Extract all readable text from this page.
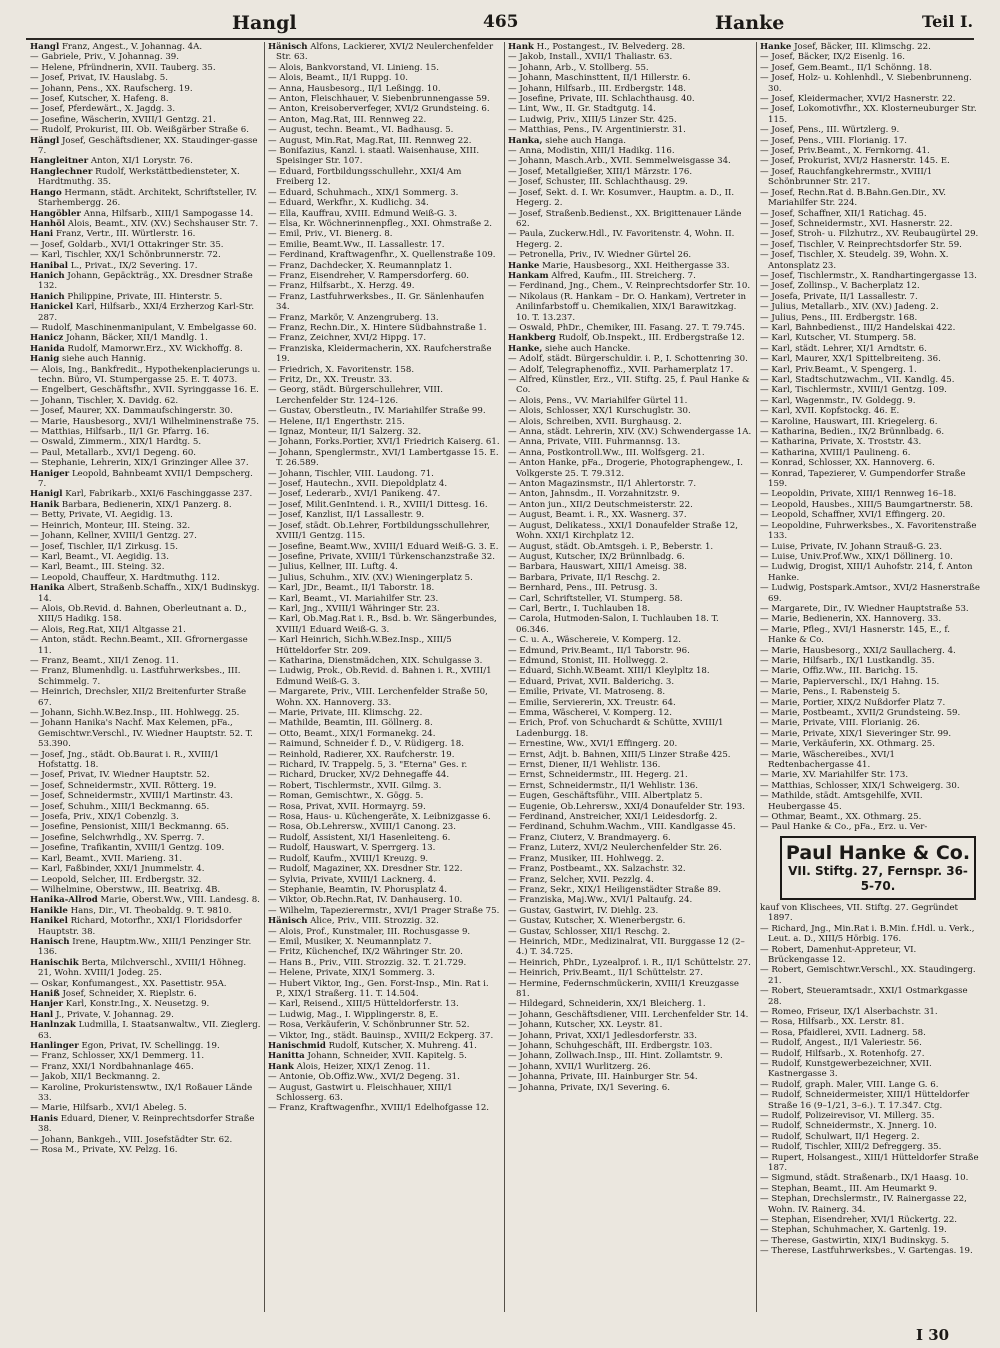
Hangl	465	Hanke	Teil I.

Hangl Franz, Angest., V. Johannag. 4A.

— Gabriele, Priv., V. Johannag. 39.

— Helene, Pfründnerin, XVII. Tauberg. 35.

— Josef, Privat, IV. Hauslabg. 5.

— Johann, Pens., XX. Raufscherg. 19.

— Josef, Kutscher, X. Hafeng. 8.

— Josef, Pferdewärt., X. Jagdg. 3.

— Josefine, Wäscherin, XVIII/1 Gentzg. 21.

— Rudolf, Prokurist, III. Ob. Weißgärber Straße 6.

Hängl Josef, Geschäftsdiener, XX. Staudinger-gasse 7.

Hangleitner Anton, XI/1 Lorystr. 76.

Hanglechner Rudolf, Werkstättbediensteter, X. Hardtmuthg. 35.

Hango Hermann, städt. Architekt, Schriftsteller, IV. Starhembergg. 26.

Hangöbler Anna, Hilfsarb., XIII/1 Sampogasse 14.

Hanhöl Alois, Beamt., XIV. (XV.) Sechshauser Str. 7.

Hani Franz, Vertr., III. Würtlerstr. 16.

— Josef, Goldarb., XVI/1 Ottakringer Str. 35.

— Karl, Tischler, XX/1 Schönbrunnerstr. 72.

Hanibal L., Privat., IX/2 Severing. 17.

Hanich Johann, Gepäckträg., XX. Dresdner Straße 132.

Hanich Philippine, Private, III. Hinterstr. 5.

Hanickel Karl, Hilfsarb., XXI/4 Erzherzog Karl-Str. 287.

— Rudolf, Maschinenmanipulant, V. Embelgasse 60.

Hanicz Johann, Bäcker, XII/1 Mandlg. 1.

Hanida Rudolf, Mamorwr.Erz., XV. Wickhoffg. 8.

Hanig siehe auch Hannig.

— Alois, Ing., Bankfredit., Hypothekenplacierungs u. techn. Büro, VI. Stumpergasse 25. E. T. 4073.

— Engelbert, Geschäftsfhr., XVII. Syringgasse 16. E.

— Johann, Tischler, X. Davidg. 62.

— Josef, Maurer, XX. Dammaufschingerstr. 30.

— Marie, Hausbesorg., XVI/1 Wilhelminenstraße 75.

— Matthias, Hilfsarb., II/1 Gr. Pfarrg. 16.

— Oswald, Zimmerm., XIX/1 Hardtg. 5.

— Paul, Metallarb., XVI/1 Degeng. 60.

— Stephanie, Lehrerin, XIX/1 Grinzinger Allee 37.

Haniger Leopold, Bahnbeamt XVII/1 Dempscherg. 7.

Hanigl Karl, Fabrikarb., XXI/6 Faschinggasse 237.

Hanik Barbara, Bedienerin, XIX/1 Panzerg. 8.

— Betty, Private, VI. Aegidig. 13.

— Heinrich, Monteur, III. Steing. 32.

— Johann, Kellner, XVIII/1 Gentzg. 27.

— Josef, Tischler, II/1 Zirkusg. 15.

— Karl, Beamt., VI. Aegidig. 13.

— Karl, Beamt., III. Steing. 32.

— Leopold, Chauffeur, X. Hardtmuthg. 112.

Hanika Albert, Straßenb.Schaffn., XIX/1 Budinskyg. 14.

— Alois, Ob.Revid. d. Bahnen, Oberleutnant a. D., XIII/5 Hadikg. 158.

— Alois, Reg.Rat, XII/1 Altgasse 21.

— Anton, städt. Rechn.Beamt., XII. Gfrornergasse 11.

— Franz, Beamt., XII/1 Zenog. 11.

— Franz, Blumenhdlg. u. Lastfuhrwerksbes., III. Schimmelg. 7.

— Heinrich, Drechsler, XII/2 Breitenfurter Straße 67.

— Johann, Sichh.W.Bez.Insp., III. Hohlwegg. 25.

— Johann Hanika's Nachf. Max Kelemen, pFa., Gemischtwr.Verschl., IV. Wiedner Hauptstr. 52. T. 53.390.

— Josef, Jng., städt. Ob.Baurat i. R., XVIII/1 Hofstattg. 18.

— Josef, Privat, IV. Wiedner Hauptstr. 52.

— Josef, Schneidermstr., XVII. Rötterg. 19.

— Josef, Schneidermstr., XVIII/1 Martinstr. 43.

— Josef, Schuhm., XIII/1 Beckmanng. 65.

— Josefa, Priv., XIX/1 Cobenzlg. 3.

— Josefine, Pensionist, XIII/1 Beckmanng. 65.

— Josefine, Selchwrhdlg., XV. Sperrg. 7.

— Josefine, Trafikantin, XVIII/1 Gentzg. 109.

— Karl, Beamt., XVII. Marieng. 31.

— Karl, Faßbinder, XXI/1 Jnummelstr. 4.

— Leopold, Selcher, III. Erdbergstr. 32.

— Wilhelmine, Oberstww., III. Beatrixg. 4B.

Hanika-Allrod Marie, Oberst.Ww., VIII. Landesg. 8.

Hanikle Hans, Dir., VI. Theobaldg. 9. T. 9810.

Hanikel Richard, Motorfhr., XXI/1 Floridsdorfer Hauptstr. 38.

Hanisch Irene, Hauptm.Ww., XIII/1 Penzinger Str. 136.

Hanischik Berta, Milchverschl., XVIII/1 Höhneg. 21, Wohn. XVIII/1 Jodeg. 25.

— Oskar, Konfumangest., XX. Pasettistr. 95A.

Haniß Josef, Schneider, X. Rieplstr. 6.

Hanjer Karl, Konstr.Ing., X. Neusetzg. 9.

Hanl J., Private, V. Johannag. 29.

Hanlnzak Ludmilla, I. Staatsanwaltw., VII. Zieglerg. 63.

Hanlinger Egon, Privat, IV. Schellingg. 19.

— Franz, Schlosser, XX/1 Demmerg. 11.

— Franz, XXI/1 Nordbahnanlage 465.

— Jakob, XII/1 Beckmanng. 2.

— Karoline, Prokuristenswtw., IX/1 Roßauer Lände 33.

— Marie, Hilfsarb., XVI/1 Abeleg. 5.

Hanis Eduard, Diener, V. Reinprechtsdorfer Straße 38.

— Johann, Bankgeh., VIII. Josefstädter Str. 62.

— Rosa M., Private, XV. Pelzg. 16.

Hänisch Alfons, Lackierer, XVI/2 Neulerchenfelder Str. 63.

— Alois, Bankvorstand, VI. Linieng. 15.

— Alois, Beamt., II/1 Ruppg. 10.

— Anna, Hausbesorg., II/1 Leßingg. 10.

— Anton, Fleischhauer, V. Siebenbrunnengasse 59.

— Anton, Kreisoberverfeger, XVI/2 Grundsteing. 6.

— Anton, Mag.Rat, III. Rennweg 22.

— August, techn. Beamt., VI. Badhausg. 5.

— August, Min.Rat, Mag.Rat, III. Rennweg 22.

— Bonifazius, Kanzl. i. staatl. Waisenhause, XIII. Speisinger Str. 107.

— Eduard, Fortbildungsschullehr., XXI/4 Am Freiberg 12.

— Eduard, Schuhmach., XIX/1 Sommerg. 3.

— Eduard, Werkfhr., X. Kudlichg. 34.

— Ella, Kauffrau, XVIII. Edmund Weiß-G. 3.

— Elsa, Kr. Wöchnerinnenpfleg., XXI. Ohmstraße 2.

— Emil, Priv., VI. Bienerg. 8.

— Emilie, Beamt.Ww., II. Lassallestr. 17.

— Ferdinand, Kraftwagenfhr., X. Quellenstraße 109.

— Franz, Dachdecker, X. Reumannplatz 1.

— Franz, Eisendreher, V. Rampersdorferg. 60.

— Franz, Hilfsarbt., X. Herzg. 49.

— Franz, Lastfuhrwerksbes., II. Gr. Sänlenhaufen 34.

— Franz, Markör, V. Anzengruberg. 13.

— Franz, Rechn.Dir., X. Hintere Südbahnstraße 1.

— Franz, Zeichner, XVI/2 Hippg. 17.

— Franziska, Kleidermacherin, XX. Raufcherstraße 19.

— Friedrich, X. Favoritenstr. 158.

— Fritz, Dr., XX. Treustr. 33.

— Georg, städt. Bürgerschullehrer, VIII. Lerchenfelder Str. 124–126.

— Gustav, Oberstleutn., IV. Mariahilfer Straße 99.

— Helene, II/1 Engerthstr. 215.

— Ignaz, Monteur, II/1 Salzerg. 32.

— Johann, Forks.Portier, XVI/1 Friedrich Kaiserg. 61.

— Johann, Spenglermstr., XVI/1 Lambertgasse 15. E. T. 26.589.

— Johann, Tischler, VIII. Laudong. 71.

— Josef, Hautechn., XVII. Diepoldplatz 4.

— Josef, Lederarb., XVI/1 Panikeng. 47.

— Josef, Milit.GenIntend. i. R., XVIII/1 Dittesg. 16.

— Josef, Kanzlist, II/1 Lassallestr. 9.

— Josef, städt. Ob.Lehrer, Fortbildungsschullehrer, XVIII/1 Gentzg. 115.

— Josefine, Beamt.Ww., XVIII/1 Eduard Weiß-G. 3. E.

— Josefine, Private, XVIII/1 Türkenschanzstraße 32.

— Julius, Kellner, III. Luftg. 4.

— Julius, Schuhm., XIV. (XV.) Wieningerplatz 5.

— Karl, JDr., Beamt., II/1 Taborstr. 18.

— Karl, Beamt., VI. Mariahilfer Str. 23.

— Karl, Jng., XVIII/1 Währinger Str. 23.

— Karl, Ob.Mag.Rat i. R., Bsd. b. Wr. Sängerbundes, XVIII/1 Eduard Weiß-G. 3.

— Karl Heinrich, Sichh.W.Bez.Insp., XIII/5 Hütteldorfer Str. 209.

— Katharina, Dienstmädchen, XIX. Schulgasse 3.

— Ludwig, Prok., Ob.Revid. d. Bahnen i. R., XVIII/1 Edmund Weiß-G. 3.

— Margarete, Priv., VIII. Lerchenfelder Straße 50, Wohn. XX. Hannoverg. 33.

— Marie, Private, III. Klimschg. 22.

— Mathilde, Beamtin, III. Göllnerg. 8.

— Otto, Beamt., XIX/1 Formanekg. 24.

— Raimund, Schneider f. D., V. Rüdigerg. 18.

— Reinhold, Radierer, XX. Raufcherstr. 19.

— Richard, IV. Trappelg. 5, 3. "Eterna" Ges. r.

— Richard, Drucker, XV/2 Dehnegaffe 44.

— Robert, Tischlermstr., XVII. Gilmg. 3.

— Roman, Gemischtwr., X. Gögg. 5.

— Rosa, Privat, XVII. Hormayrg. 59.

— Rosa, Haus- u. Küchengeräte, X. Leibnizgasse 6.

— Rosa, Ob.Lehrersw., XVIII/1 Canong. 23.

— Rudolf, Assistent, XI/1 Hasenleiteng. 6.

— Rudolf, Hauswart, V. Sperrgerg. 13.

— Rudolf, Kaufm., XVIII/1 Kreuzg. 9.

— Rudolf, Magaziner, XX. Dresdner Str. 122.

— Sylvia, Private, XVIII/1 Lacknerg. 4.

— Stephanie, Beamtin, IV. Phorusplatz 4.

— Viktor, Ob.Rechn.Rat, IV. Danhauserg. 10.

— Wilhelm, Tapezierermstr., XVI/1 Prager Straße 75.

Hänisch Alice, Priv., VIII. Strozzig. 32.

— Alois, Prof., Kunstmaler, III. Rochusgasse 9.

— Emil, Musiker, X. Neumannplatz 7.

— Fritz, Küchenchef, IX/2 Währinger Str. 20.

— Hans B., Priv., VIII. Strozzig. 32. T. 21.729.

— Helene, Private, XIX/1 Sommerg. 3.

— Hubert Viktor, Ing., Gen. Forst-Insp., Min. Rat i. P., XIX/1 Straßerg. 11. T. 14.504.

— Karl, Reisend., XIII/5 Hütteldorferstr. 13.

— Ludwig, Mag., I. Wipplingerstr. 8, E.

— Rosa, Verkäuferin, V. Schönbrunner Str. 52.

— Viktor, Ing., städt. Bauinsp., XVIII/2 Eckperg. 37.

Hanischmid Rudolf, Kutscher, X. Muhreng. 41.

Hanitta Johann, Schneider, XVII. Kapitelg. 5.

Hank Alois, Heizer, XIX/1 Zenog. 11.

— Antonie, Ob.Offiz.Ww., XVI/2 Degeng. 31.

— August, Gastwirt u. Fleischhauer, XIII/1 Schlosserg. 63.

— Franz, Kraftwagenfhr., XVIII/1 Edelhofgasse 12.

Hank H., Postangest., IV. Belvederg. 28.

— Jakob, Install., XVII/1 Thaliastr. 63.

— Johann, Arb., V. Stollberg. 55.

— Johann, Maschinsttent, II/1 Hillerstr. 6.

— Johann, Hilfsarb., III. Erdbergstr. 148.

— Josefine, Private, III. Schlachthausg. 40.

— Lint, Ww., II. Gr. Stadtgutg. 14.

— Ludwig, Priv., XIII/5 Linzer Str. 425.

— Matthias, Pens., IV. Argentinierstr. 31.

Hanka, siehe auch Hanga.

— Anna, Modistin, XIII/1 Hadikg. 116.

— Johann, Masch.Arb., XVII. Semmelweisgasse 34.

— Josef, Metallgießer, XIII/1 Märzstr. 176.

— Josef, Schuster, III. Schlachthausg. 29.

— Josef, Sekt. d. I. Wr. Kosumver., Hauptm. a. D., II. Hegerg. 2.

— Josef, Straßenb.Bedienst., XX. Brigittenauer Lände 62.

— Paula, Zuckerw.Hdl., IV. Favoritenstr. 4, Wohn. II. Hegerg. 2.

— Petronella, Priv., IV. Wiedner Gürtel 26.

Hanke Marie, Hausbesorg., XXI. Heithergasse 33.

Hankam Alfred, Kaufm., III. Streicherg. 7.

— Ferdinand, Jng., Chem., V. Reinprechtsdorfer Str. 10.

— Nikolaus (R. Hankam – Dr. O. Hankam), Vertreter in Anilinfarbstoff u. Chemikalien, XIX/1 Barawitzkag. 10. T. 13.237.

— Oswald, PhDr., Chemiker, III. Fasang. 27. T. 79.745.

Hankberg Rudolf, Ob.Inspekt., III. Erdbergstraße 12.

Hanke, siehe auch Hancke.

— Adolf, städt. Bürgerschuldir. i. P., I. Schottenring 30.

— Adolf, Telegraphenoffiz., XVII. Parhamerplatz 17.

— Alfred, Künstler, Erz., VII. Stiftg. 25, f. Paul Hanke & Co.

— Alois, Pens., VV. Mariahilfer Gürtel 11.

— Alois, Schlosser, XX/1 Kurschuglstr. 30.

— Alois, Schreiben, XVII. Burghausg. 2.

— Anna, städt. Lehrerin, XIV. (XV.) Schwendergasse 1A.

— Anna, Private, VIII. Fuhrmannsg. 13.

— Anna, Postkontroll.Ww., III. Wolfsgerg. 21.

— Anton Hanke, pFa., Drogerie, Photographengew., I. Volkgerste 25. T. 79.312.

— Anton Magazinsmstr., II/1 Ahlertorstr. 7.

— Anton, Jahnsdm., II. Vorzahnitzstr. 9.

— Anton jun., XII/2 Deutschmeisterstr. 22.

— August, Beamt. i. R., XX. Wasnerg. 37.

— August, Delikatess., XXI/1 Donaufelder Straße 12, Wohn. XXI/1 Kirchplatz 12.

— August, städt. Ob.Amtsgeh. i. P., Beberstr. 1.

— August, Kutscher, IX/2 Brünnlbadg. 6.

— Barbara, Hauswart, XIII/1 Ameisg. 38.

— Barbara, Private, II/1 Reschg. 2.

— Bernhard, Pens., III. Petrusg. 3.

— Carl, Schriftsteller, VI. Stumperg. 58.

— Carl, Bertr., I. Tuchlauben 18.

— Carola, Hutmoden-Salon, I. Tuchlauben 18. T. 06.346.

— C. u. A., Wäschereie, V. Komperg. 12.

— Edmund, Priv.Beamt., II/1 Taborstr. 96.

— Edmund, Stonist, III. Hollwegg. 2.

— Eduard, Sichh.W.Beamt. XIII/1 Kleylpltz 18.

— Eduard, Privat, XVII. Balderichg. 3.

— Emilie, Private, VI. Matroseng. 8.

— Emilie, Serviererin, XX. Treustr. 64.

— Emma, Wäscherei, V. Komperg. 12.

— Erich, Prof. von Schuchardt & Schütte, XVIII/1 Ladenburgg. 18.

— Ernestine, Ww., XVI/1 Effingerg. 20.

— Ernst, Adjt. b. Bahnen, XIII/5 Linzer Straße 425.

— Ernst, Diener, II/1 Wehlistr. 136.

— Ernst, Schneidermstr., III. Hegerg. 21.

— Ernst, Schneidermstr., II/1 Wehlistr. 136.

— Eugen, Geschäftsführ., VIII. Albertplatz 5.

— Eugenie, Ob.Lehrersw., XXI/4 Donaufelder Str. 193.

— Ferdinand, Anstreicher, XXI/1 Leidesdorfg. 2.

— Ferdinand, Schuhm.Wachm., VIII. Kandlgasse 45.

— Franz, Ciuterz, V. Brandmayerg. 6.

— Franz, Luterz, XVI/2 Neulerchenfelder Str. 26.

— Franz, Musiker, III. Hohlwegg. 2.

— Franz, Postbeamt., XX. Salzachstr. 32.

— Franz, Selcher, XVII. Pezzlg. 4.

— Franz, Sekr., XIX/1 Heiligenstädter Straße 89.

— Franziska, Maj.Ww., XVI/1 Paltaufg. 24.

— Gustav, Gastwirt, IV. Diehlg. 23.

— Gustav, Kutscher, X. Wienerbergstr. 6.

— Gustav, Schlosser, XII/1 Reschg. 2.

— Heinrich, MDr., Medizinalrat, VII. Burggasse 12 (2–4.) T. 34.725.

— Heinrich, PhDr., Lyzealprof. i. R., II/1 Schüttelstr. 27.

— Heinrich, Priv.Beamt., II/1 Schüttelstr. 27.

— Hermine, Federnschmückerin, XVIII/1 Kreuzgasse 81.

— Hildegard, Schneiderin, XX/1 Bleicherg. 1.

— Johann, Geschäftsdiener, VIII. Lerchenfelder Str. 14.

— Johann, Kutscher, XX. Leystr. 81.

— Johann, Privat, XXI/1 Jedlesdorferstr. 33.

— Johann, Schuhgeschäft, III. Erdbergstr. 103.

— Johann, Zollwach.Insp., III. Hint. Zollamtstr. 9.

— Johann, XVII/1 Wurlitzerg. 26.

— Johanna, Private, III. Hainburger Str. 54.

— Johanna, Private, IX/1 Severing. 6.

Hanke Josef, Bäcker, III. Klimschg. 22.

— Josef, Bäcker, IX/2 Eisenlg. 16.

— Josef, Gem.Beamt., II/1 Schönng. 18.

— Josef, Holz- u. Kohlenhdl., V. Siebenbrunneng. 30.

— Josef, Kleidermacher, XVI/2 Hasnerstr. 22.

— Josef, Lokomotivfhr., XX. Klosterneuburger Str. 115.

— Josef, Pens., III. Würtzlerg. 9.

— Josef, Pens., VIII. Florianig. 17.

— Josef, Priv.Beamt., X. Fernkorng. 41.

— Josef, Prokurist, XVI/2 Hasnerstr. 145. E.

— Josef, Rauchfangkehrermstr., XVIII/1 Schönbrunner Str. 217.

— Josef, Rechn.Rat d. B.Bahn.Gen.Dir., XV. Mariahilfer Str. 224.

— Josef, Schaffner, XII/1 Ratichag. 45.

— Josef, Schneidermstr., XVI. Hasnerstr. 22.

— Josef, Stroh- u. Filzhutrz., XV. Reubaugürtel 29.

— Josef, Tischler, V. Reinprechtsdorfer Str. 59.

— Josef, Tischler, X. Steudelg. 39, Wohn. X. Antonsplatz 23.

— Josef, Tischlermstr., X. Randhartingergasse 13.

— Josef, Zollinsp., V. Bacherplatz 12.

— Josefa, Private, II/1 Lassallestr. 7.

— Julius, Metallarb., XIV. (XV.) Jadeng. 2.

— Julius, Pens., III. Erdbergstr. 168.

— Karl, Bahnbedienst., III/2 Handelskai 422.

— Karl, Kutscher, VI. Stumperg. 58.

— Karl, städt. Lehrer, XI/1 Arndtstr. 6.

— Karl, Maurer, XX/1 Spittelbreiteng. 36.

— Karl, Priv.Beamt., V. Spengerg. 1.

— Karl, Stadtschutzwachm., VII. Kandlg. 45.

— Karl, Tischlermstr., XVIII/1 Gentzg. 109.

— Karl, Wagenmstr., IV. Goldegg. 9.

— Karl, XVII. Kopfstockg. 46. E.

— Karoline, Hauswart, III. Kriegelerg. 6.

— Katharina, Bedien., IX/2 Brünnlbadg. 6.

— Katharina, Private, X. Troststr. 43.

— Katharina, XVIII/1 Paulineng. 6.

— Konrad, Schlosser, XX. Hannoverg. 6.

— Konrad, Tapezierer, V. Gumpendorfer Straße 159.

— Leopoldin, Private, XIII/1 Rennweg 16–18.

— Leopold, Hausbes., XIII/5 Baumgartnerstr. 58.

— Leopold, Schaffner, XVI/1 Effingerg. 20.

— Leopoldine, Fuhrwerksbes., X. Favoritenstraße 133.

— Luise, Private, IV. Johann Strauß-G. 23.

— Luise, Univ.Prof.Ww., XIX/1 Döllinerg. 10.

— Ludwig, Drogist, XIII/1 Auhofstr. 214, f. Anton Hanke.

— Ludwig, Postspark.Amtsor., XVI/2 Hasnerstraße 69.

— Margarete, Dir., IV. Wiedner Hauptstraße 53.

— Marie, Bedienerin, XX. Hannoverg. 33.

— Marie, Pfleg., XVI/1 Hasnerstr. 145, E., f. Hanke & Co.

— Marie, Hausbesorg., XXI/2 Saullacherg. 4.

— Marie, Hilfsarb., IX/1 Lustkandlg. 35.

— Marie, Offiz.Ww., III. Barichg. 15.

— Marie, Papierverschl., IX/1 Hahng. 15.

— Marie, Pens., I. Rabensteig 5.

— Marie, Portier, XIX/2 Nußdorfer Platz 7.

— Marie, Postbeamt., XVII/2 Grundsteing. 59.

— Marie, Private, VIII. Florianig. 26.

— Marie, Private, XIX/1 Sieveringer Str. 99.

— Marie, Verkäuferin, XX. Othmarg. 25.

— Marie, Wäschereibes., XVI/1 Redtenbachergasse 41.

— Marie, XV. Mariahilfer Str. 173.

— Matthias, Schlosser, XIX/1 Schweigerg. 30.

— Mathilde, städt. Amtsgehilfe, XVII. Heubergasse 45.

— Othmar, Beamt., XX. Othmarg. 25.

— Paul Hanke & Co., pFa., Erz. u. Ver-

Paul Hanke & Co.
VII. Stiftg. 27, Fernspr. 36-5-70.

kauf von Klischees, VII. Stiftg. 27. Gegründet 1897.

— Richard, Jng., Min.Rat i. B.Min. f.Hdl. u. Verk., Leut. a. D., XIII/5 Hörbig. 176.

— Robert, Damenhut-Appreteur, VI. Brückengasse 12.

— Robert, Gemischtwr.Verschl., XX. Staudingerg. 21.

— Robert, Steueramtsadr., XXI/1 Ostmarkgasse 28.

— Romeo, Friseur, IX/1 Alserbachstr. 31.

— Rosa, Hilfsarb., XX. Lerstr. 81.

— Rosa, Pfaidlerei, XVII. Ladnerg. 58.

— Rudolf, Angest., II/1 Valeriestr. 56.

— Rudolf, Hilfsarb., X. Rotenhofg. 27.

— Rudolf, Kunstgewerbezeichner, XVII. Kastnergasse 3.

— Rudolf, graph. Maler, VIII. Lange G. 6.

— Rudolf, Schneidermeister, XIII/1 Hütteldorfer Straße 16 (9–1/21, 3–6.). T. 17.347. Ctg.

— Rudolf, Polizeirevisor, VI. Millerg. 35.

— Rudolf, Schneidermstr., X. Jnnerg. 10.

— Rudolf, Schulwart, II/1 Hegerg. 2.

— Rudolf, Tischler, XIII/2 Defreggerg. 35.

— Rupert, Holsangest., XIII/1 Hütteldorfer Straße 187.

— Sigmund, städt. Straßenarb., IX/1 Haasg. 10.

— Stephan, Beamt., III. Am Heumarkt 9.

— Stephan, Drechslermstr., IV. Rainergasse 22, Wohn. IV. Rainerg. 34.

— Stephan, Eisendreher, XVI/1 Rückertg. 22.

— Stephan, Schuhmacher, X. Gartenlg. 19.

— Therese, Gastwirtin, XIX/1 Budinskyg. 5.

— Therese, Lastfuhrwerksbes., V. Gartengas. 19.

I 30
